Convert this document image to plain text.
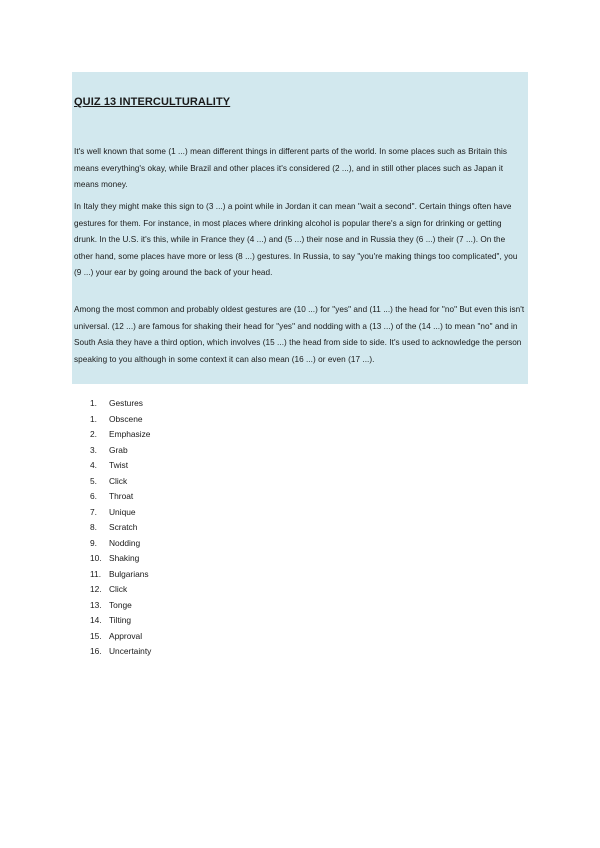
QUIZ 13 INTERCULTURALITY

It's well known that some (1 ...) mean different things in different parts of the world. In some places such as Britain this means everything's okay, while Brazil and other places it's considered (2 ...), and in still other places such as Japan it means money.

In Italy they might make this sign to (3 ...) a point while in Jordan it can mean "wait a second". Certain things often have gestures for them. For instance, in most places where drinking alcohol is popular there's a sign for drinking or getting drunk. In the U.S. it's this, while in France they (4 ...) and (5 ...) their nose and in Russia they (6 ...) their (7 ...). On the other hand, some places have more or less (8 ...) gestures. In Russia, to say "you're making things too complicated", you (9 ...) your ear by going around the back of your head.

Among the most common and probably oldest gestures are (10 ...) for "yes" and (11 ...) the head for "no" But even this isn't universal. (12 ...) are famous for shaking their head for "yes" and nodding with a (13 ...) of the (14 ...) to mean "no" and in South Asia they have a third option, which involves (15 ...) the head from side to side. It's used to acknowledge the person speaking to you although in some context it can also mean (16 ...) or even (17 ...).

1. Gestures
1. Obscene
2. Emphasize
3. Grab
4. Twist
5. Click
6. Throat
7. Unique
8. Scratch
9. Nodding
10. Shaking
11. Bulgarians
12. Click
13. Tonge
14. Tilting
15. Approval
16. Uncertainty
